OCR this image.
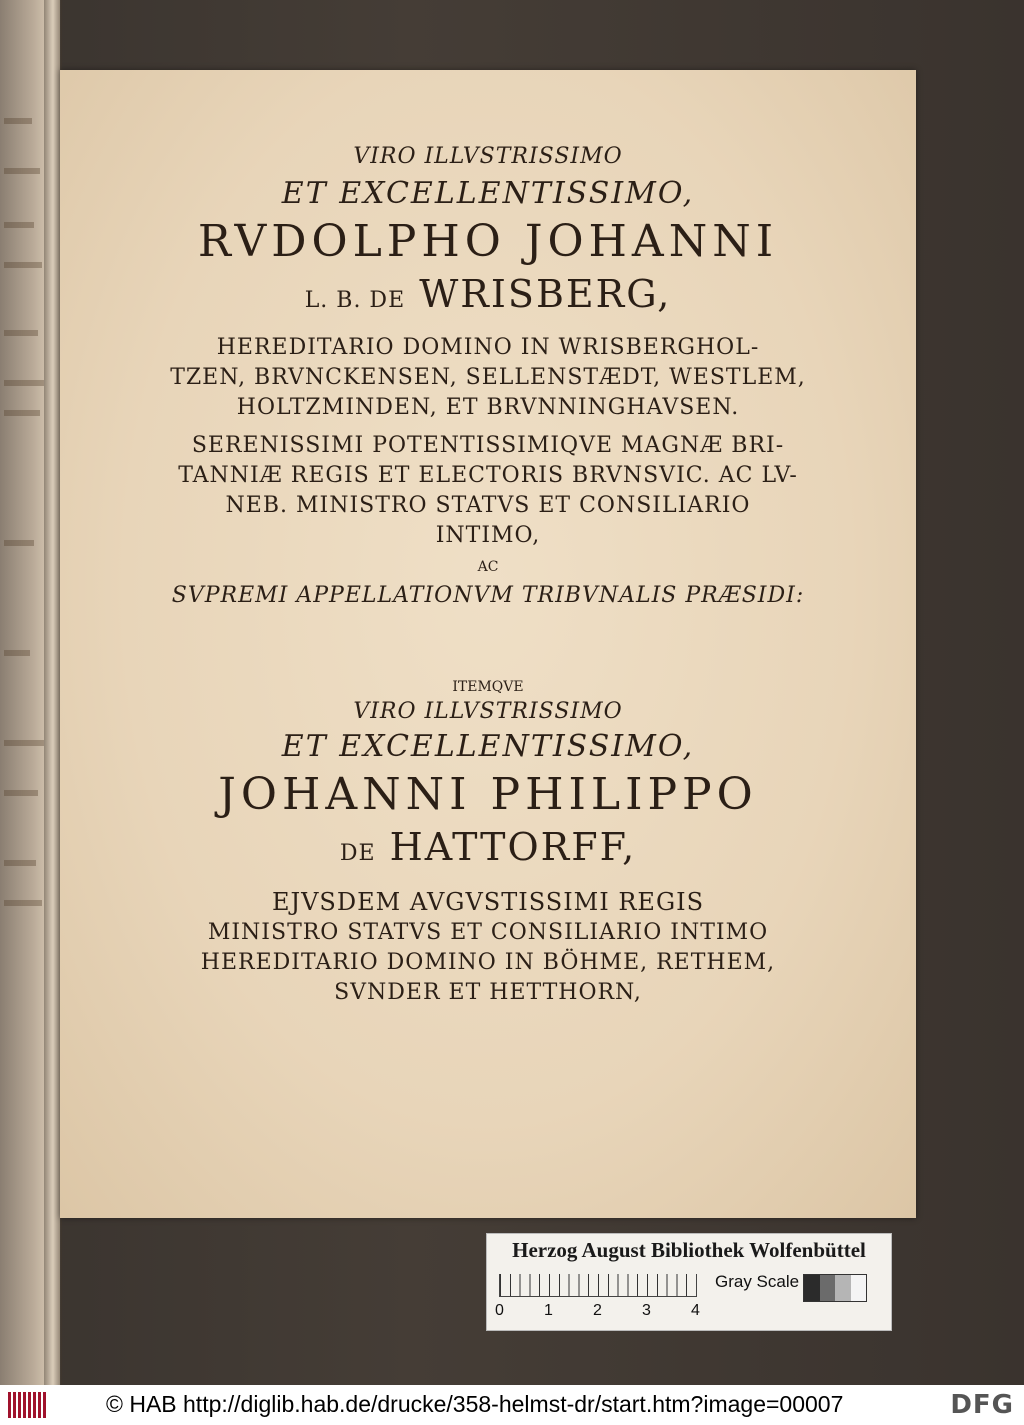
VIRO ILLVSTRISSIMO
ET EXCELLENTISSIMO,
RVDOLPHO JOHANNI
L. B. DE WRISBERG,
HEREDITARIO DOMINO IN WRISBERGHOL-
TZEN, BRVNCKENSEN, SELLENSTÆDT, WESTLEM,
HOLTZMINDEN, ET BRVNNINGHAVSEN.
SERENISSIMI POTENTISSIMIQVE MAGNÆ BRI-
TANNIÆ REGIS ET ELECTORIS BRVNSVIC. AC LV-
NEB. MINISTRO STATVS ET CONSILIARIO
INTIMO,
AC
SVPREMI APPELLATIONVM TRIBVNALIS PRÆSIDI:
ITEMQVE
VIRO ILLVSTRISSIMO
ET EXCELLENTISSIMO,
JOHANNI PHILIPPO
DE HATTORFF,
EJVSDEM AVGVSTISSIMI REGIS
MINISTRO STATVS ET CONSILIARIO INTIMO
HEREDITARIO DOMINO IN BÖHME, RETHEM,
SVNDER ET HETTHORN,
Herzog August Bibliothek Wolfenbüttel
0	1	2	3	4
Gray Scale
© HAB http://diglib.hab.de/drucke/358-helmst-dr/start.htm?image=00007	DFG
